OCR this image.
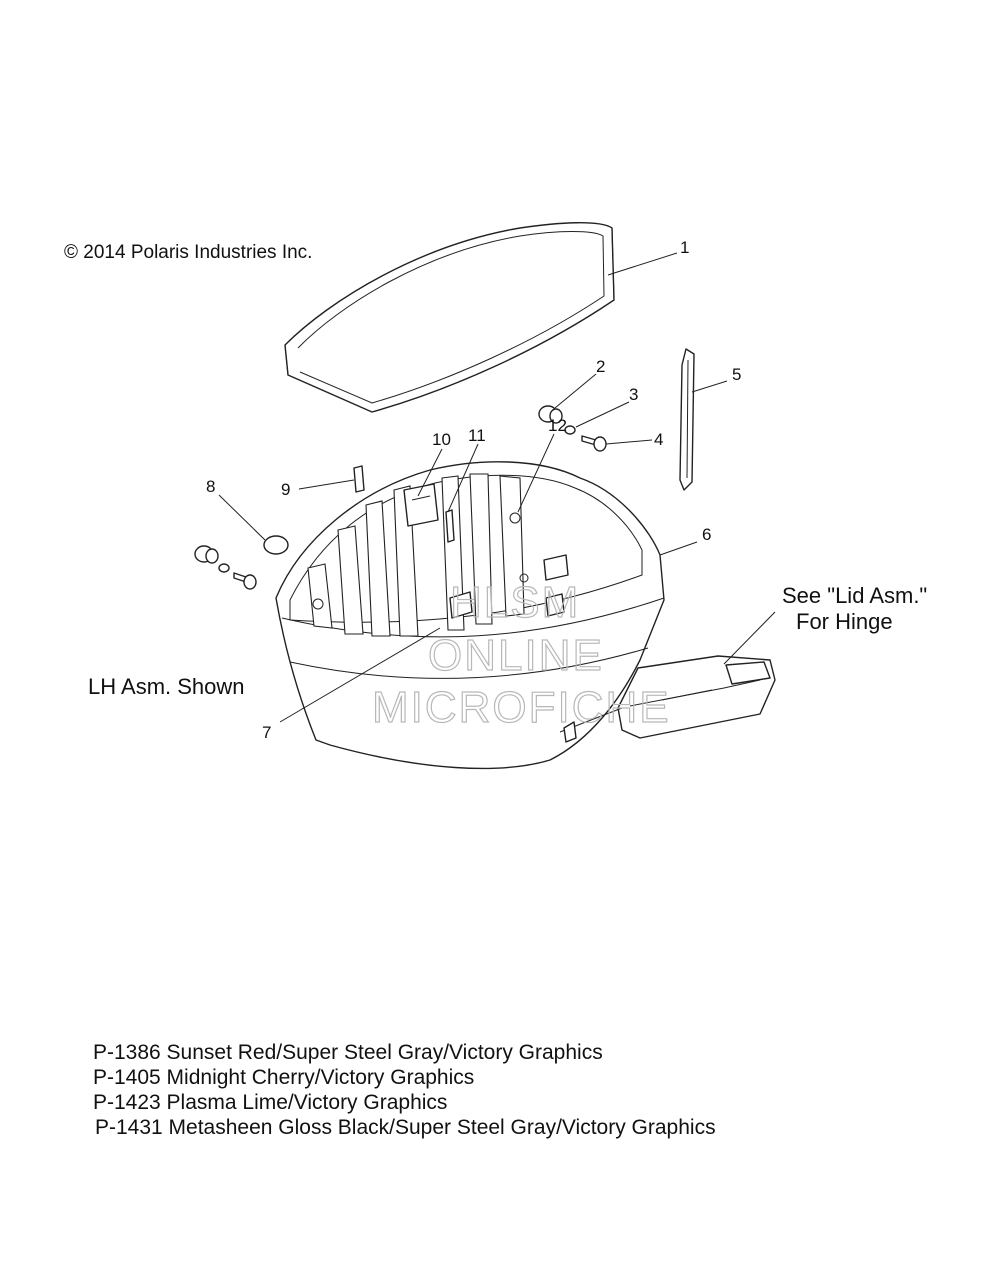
© 2014 Polaris Industries Inc.
HLSM
ONLINE
MICROFICHE
1
2
3
4
5
6
7
8	9
10 11
12
See "Lid Asm."
For Hinge
LH Asm. Shown
P-1386 Sunset Red/Super Steel Gray/Victory Graphics
P-1405 Midnight Cherry/Victory Graphics
P-1423 Plasma Lime/Victory Graphics
P-1431 Metasheen Gloss Black/Super Steel Gray/Victory Graphics
